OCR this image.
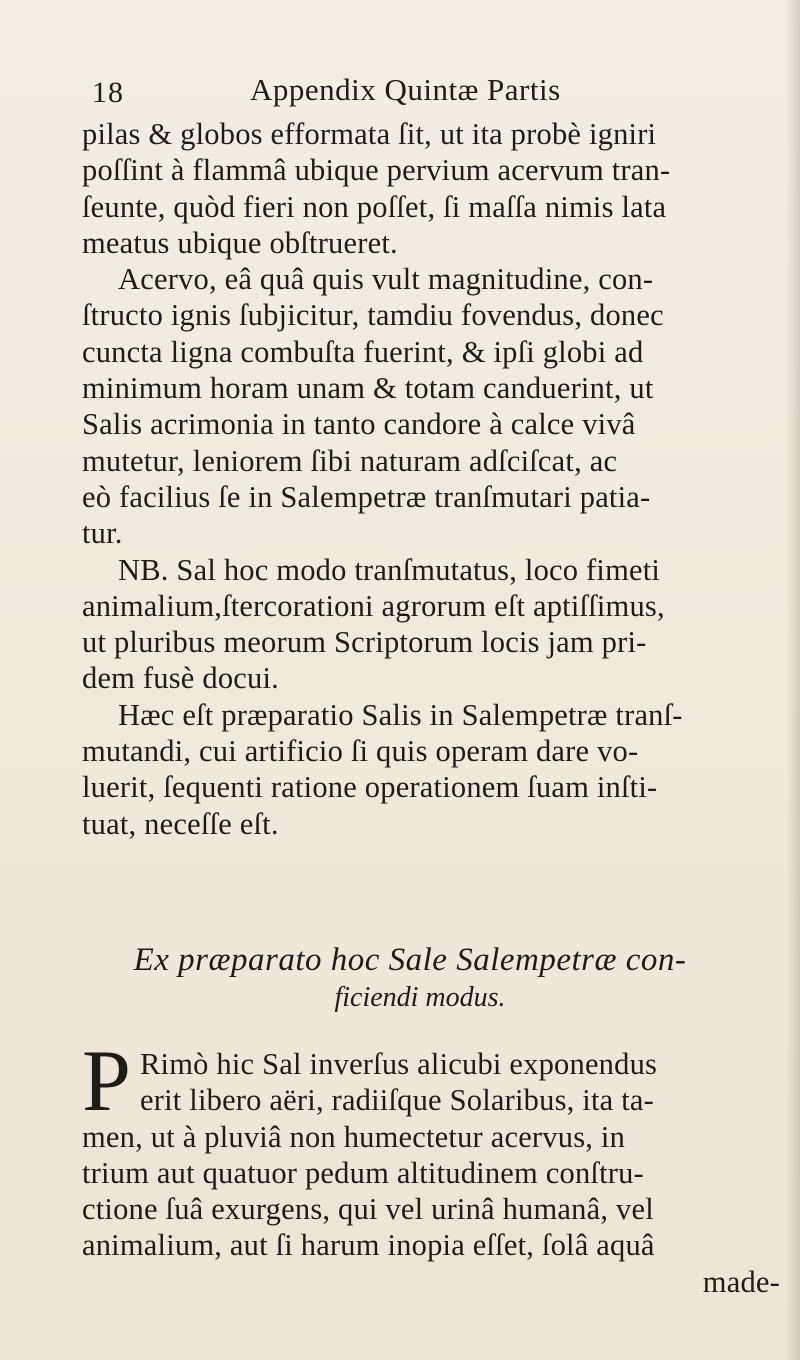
18	Appendix Quintæ Partis
pilas & globos efformata ſit, ut ita probè igniri
poſſint à flammâ ubique pervium acervum tran-
ſeunte, quòd fieri non poſſet, ſi maſſa nimis lata
meatus ubique obſtrueret.
Acervo, eâ quâ quis vult magnitudine, con-
ſtructo ignis ſubjicitur, tamdiu fovendus, donec
cuncta ligna combuſta fuerint, & ipſi globi ad
minimum horam unam & totam canduerint, ut
Salis acrimonia in tanto candore à calce vivâ
mutetur, leniorem ſibi naturam adſciſcat, ac
eò facilius ſe in Salempetræ tranſmutari patia-
tur.
NB. Sal hoc modo tranſmutatus, loco fimeti
animalium,ſtercorationi agrorum eſt aptiſſimus,
ut pluribus meorum Scriptorum locis jam pri-
dem fusè docui.
Hæc eſt præparatio Salis in Salempetræ tranſ-
mutandi, cui artificio ſi quis operam dare vo-
luerit, ſequenti ratione operationem ſuam inſti-
tuat, neceſſe eſt.
Ex præparato hoc Sale Salempetræ con-
ficiendi modus.
P Rimò hic Sal inverſus alicubi exponendus
erit libero aëri, radiiſque Solaribus, ita ta-
men, ut à pluviâ non humectetur acervus, in
trium aut quatuor pedum altitudinem conſtru-
ctione ſuâ exurgens, qui vel urinâ humanâ, vel
animalium, aut ſi harum inopia eſſet, ſolâ aquâ
made-
